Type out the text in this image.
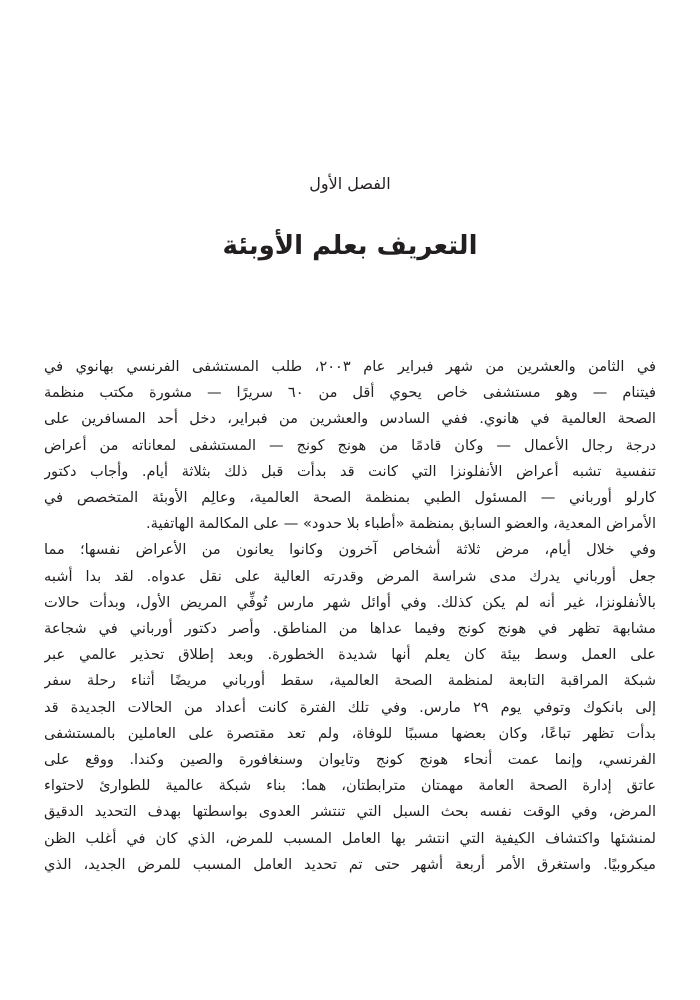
الفصل الأول
التعريف بعلم الأوبئة
في الثامن والعشرين من شهر فبراير عام ٢٠٠٣، طلب المستشفى الفرنسي بهانوي في
فيتنام — وهو مستشفى خاص يحوي أقل من ٦٠ سريرًا — مشورة مكتب منظمة
الصحة العالمية في هانوي. ففي السادس والعشرين من فبراير، دخل أحد المسافرين على
درجة رجال الأعمال — وكان قادمًا من هونج كونج — المستشفى لمعاناته من أعراض
تنفسية تشبه أعراض الأنفلونزا التي كانت قد بدأت قبل ذلك بثلاثة أيام. وأجاب دكتور
كارلو أورباني — المسئول الطبي بمنظمة الصحة العالمية، وعالِم الأوبئة المتخصص في
الأمراض المعدية، والعضو السابق بمنظمة «أطباء بلا حدود» — على المكالمة الهاتفية.
وفي خلال أيام، مرض ثلاثة أشخاص آخرون وكانوا يعانون من الأعراض نفسها؛ مما
جعل أورباني يدرك مدى شراسة المرض وقدرته العالية على نقل عدواه. لقد بدا أشبه
بالأنفلونزا، غير أنه لم يكن كذلك. وفي أوائل شهر مارس تُوفِّي المريض الأول، وبدأت حالات
مشابهة تظهر في هونج كونج وفيما عداها من المناطق. وأصر دكتور أورباني في شجاعة
على العمل وسط بيئة كان يعلم أنها شديدة الخطورة. وبعد إطلاق تحذير عالمي عبر
شبكة المراقبة التابعة لمنظمة الصحة العالمية، سقط أورباني مريضًا أثناء رحلة سفر
إلى بانكوك وتوفي يوم ٢٩ مارس. وفي تلك الفترة كانت أعداد من الحالات الجديدة قد
بدأت تظهر تباعًا، وكان بعضها مسببًا للوفاة، ولم تعد مقتصرة على العاملين بالمستشفى
الفرنسي، وإنما عمت أنحاء هونج كونج وتايوان وسنغافورة والصين وكندا. ووقع على
عاتق إدارة الصحة العامة مهمتان مترابطتان، هما: بناء شبكة عالمية للطوارئ لاحتواء
المرض، وفي الوقت نفسه بحث السبل التي تنتشر العدوى بواسطتها بهدف التحديد الدقيق
لمنشئها واكتشاف الكيفية التي انتشر بها العامل المسبب للمرض، الذي كان في أغلب الظن
ميكروبيًا. واستغرق الأمر أربعة أشهر حتى تم تحديد العامل المسبب للمرض الجديد، الذي
